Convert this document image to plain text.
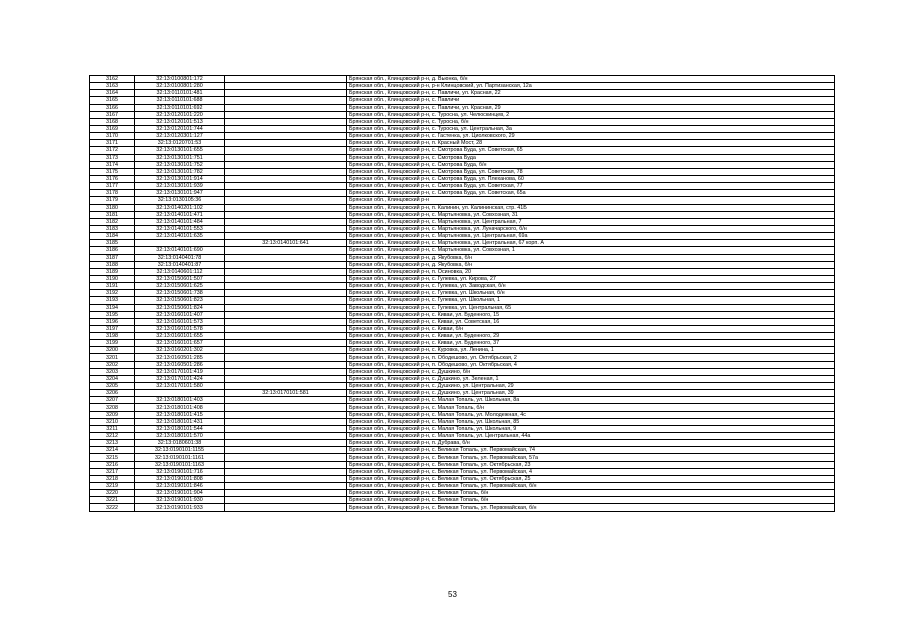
3162	32:13:0100801:172		Брянская обл., Клинцовский р-н, д. Вьюнка, б/н
3163	32:13:0100801:280		Брянская обл., Клинцовский р-н, р-н Клинцовский, ул. Партизанская, 12а
3164	32:13:0110101:481		Брянская обл., Клинцовский р-н, с. Павличи, ул. Красная, 22
3165	32:13:0110101:688		Брянская обл., Клинцовский р-н, с. Павличи
3166	32:13:0110101:692		Брянская обл., Клинцовский р-н, с. Павличи, ул. Красная, 29
3167	32:13:0120101:220		Брянская обл., Клинцовский р-н, с. Туросна, ул. Челюскинцев, 2
3168	32:13:0120101:513		Брянская обл., Клинцовский р-н, с. Туросна, б/н
3169	32:13:0120101:744		Брянская обл., Клинцовский р-н, с. Туросна, ул. Центральная, 3а
3170	32:13:0120301:127		Брянская обл., Клинцовский р-н, с. Гастенка, ул. Циолковского, 29
3171	32:13:0120701:53		Брянская обл., Клинцовский р-н, п. Красный Мост, 28
3172	32:13:0130101:655		Брянская обл., Клинцовский р-н, с. Смотрова Буда, ул. Советская, 65
3173	32:13:0130101:751		Брянская обл., Клинцовский р-н, с. Смотрова Буда
3174	32:13:0130101:752		Брянская обл., Клинцовский р-н, с. Смотрова Буда, б/н
3175	32:13:0130101:782		Брянская обл., Клинцовский р-н, с. Смотрова Буда, ул. Советская, 78
3176	32:13:0130101:914		Брянская обл., Клинцовский р-н, с. Смотрова Буда, ул. Плеханова, 60
3177	32:13:0130101:939		Брянская обл., Клинцовский р-н, с. Смотрова Буда, ул. Советская, 77
3178	32:13:0130101:947		Брянская обл., Клинцовский р-н, с. Смотрова Буда, ул. Советская, 65а
3179	32:13:0130105:36		Брянская обл., Клинцовский р-н
3180	32:13:0140201:102		Брянская обл., Клинцовский р-н, п. Калинин, ул. Калининская, стр. 41Б
3181	32:13:0140101:471		Брянская обл., Клинцовский р-н, с. Мартьяновка, ул. Совхозная, 31
3182	32:13:0140101:484		Брянская обл., Клинцовский р-н, с. Мартьяновка, ул. Центральная, 7
3183	32:13:0140101:553		Брянская обл., Клинцовский р-н, с. Мартьяновка, ул. Луначарского, б/н
3184	32:13:0140101:635		Брянская обл., Клинцовский р-н, с. Мартьяновка, ул. Центральная, 69а
3185		32:13:0140101:641	Брянская обл., Клинцовский р-н, с. Мартьяновка, ул. Центральная, 67 корп. А
3186	32:13:0140101:690		Брянская обл., Клинцовский р-н, с. Мартьяновка, ул. Совхозная, 1
3187	32:13:0140401:78		Брянская обл., Клинцовский р-н, д. Якубовка, б/н
3188	32:13:0140401:87		Брянская обл., Клинцовский р-н, д. Якубовка, б/н
3189	32:13:0140601:112		Брянская обл., Клинцовский р-н, п. Осиновка, 20
3190	32:13:0150601:507		Брянская обл., Клинцовский р-н, с. Гулевка, ул. Кирова, 27
3191	32:13:0150601:625		Брянская обл., Клинцовский р-н, с. Гулевка, ул. Заводская, б/н
3192	32:13:0150601:738		Брянская обл., Клинцовский р-н, с. Гулевка, ул. Школьная, б/н
3193	32:13:0150601:823		Брянская обл., Клинцовский р-н, с. Гулевка, ул. Школьная, 1
3194	32:13:0150601:824		Брянская обл., Клинцовский р-н, с. Гулевка, ул. Центральная, 65
3195	32:13:0160101:407		Брянская обл., Клинцовский р-н, с. Киваи, ул. Буденного, 15
3196	32:13:0160101:573		Брянская обл., Клинцовский р-н, с. Киваи, ул. Советская, 16
3197	32:13:0160101:578		Брянская обл., Клинцовский р-н, с. Киваи, б/н
3198	32:13:0160101:655		Брянская обл., Клинцовский р-н, с. Киваи, ул. Буденного, 29
3199	32:13:0160101:657		Брянская обл., Клинцовский р-н, с. Киваи, ул. Буденного, 37
3200	32:13:0160201:302		Брянская обл., Клинцовский р-н, с. Куровка, ул. Ленина, 1
3201	32:13:0160501:285		Брянская обл., Клинцовский р-н, п. Ободешово, ул. Октябрьская, 2
3202	32:13:0160501:286		Брянская обл., Клинцовский р-н, п. Ободешово, ул. Октябрьская, 4
3203	32:13:0170101:419		Брянская обл., Клинцовский р-н, с. Душкино, б/н
3204	32:13:0170101:424		Брянская обл., Клинцовский р-н, с. Душкино, ул. Зеленая, 1
3205	32:13:0170101:580		Брянская обл., Клинцовский р-н, с. Душкино, ул. Центральная, 29
3206		32:13:0170101:581	Брянская обл., Клинцовский р-н, с. Душкино, ул. Центральная, 39
3207	32:13:0180101:403		Брянская обл., Клинцовский р-н, с. Малая Топаль, ул. Школьная, 8а
3208	32:13:0180101:408		Брянская обл., Клинцовский р-н, с. Малая Топаль, б/н
3209	32:13:0180101:415		Брянская обл., Клинцовский р-н, с. Малая Топаль, ул. Молодежная, 4с
3210	32:13:0180101:431		Брянская обл., Клинцовский р-н, с. Малая Топаль, ул. Школьная, 85
3211	32:13:0180101:544		Брянская обл., Клинцовский р-н, с. Малая Топаль, ул. Школьная, 9
3212	32:13:0180101:570		Брянская обл., Клинцовский р-н, с. Малая Топаль, ул. Центральная, 44а
3213	32:13:0180601:38		Брянская обл., Клинцовский р-н, п. Дубрава, б/н
3214	32:13:0190101:1155		Брянская обл., Клинцовский р-н, с. Великая Топаль, ул. Первомайская, 74
3215	32:13:0190101:1161		Брянская обл., Клинцовский р-н, с. Великая Топаль, ул. Первомайская, 57а
3216	32:13:0190101:1163		Брянская обл., Клинцовский р-н, с. Великая Топаль, ул. Октябрьская, 23
3217	32:13:0190101:716		Брянская обл., Клинцовский р-н, с. Великая Топаль, ул. Первомайская, 4
3218	32:13:0190101:808		Брянская обл., Клинцовский р-н, с. Великая Топаль, ул. Октябрьская, 25
3219	32:13:0190101:846		Брянская обл., Клинцовский р-н, с. Великая Топаль, ул. Первомайская, б/н
3220	32:13:0190101:904		Брянская обл., Клинцовский р-н, с. Великая Топаль, б/н
3221	32:13:0190101:930		Брянская обл., Клинцовский р-н, с. Великая Топаль, б/н
3222	32:13:0190101:933		Брянская обл., Клинцовский р-н, с. Великая Топаль, ул. Первомайская, б/н
53
